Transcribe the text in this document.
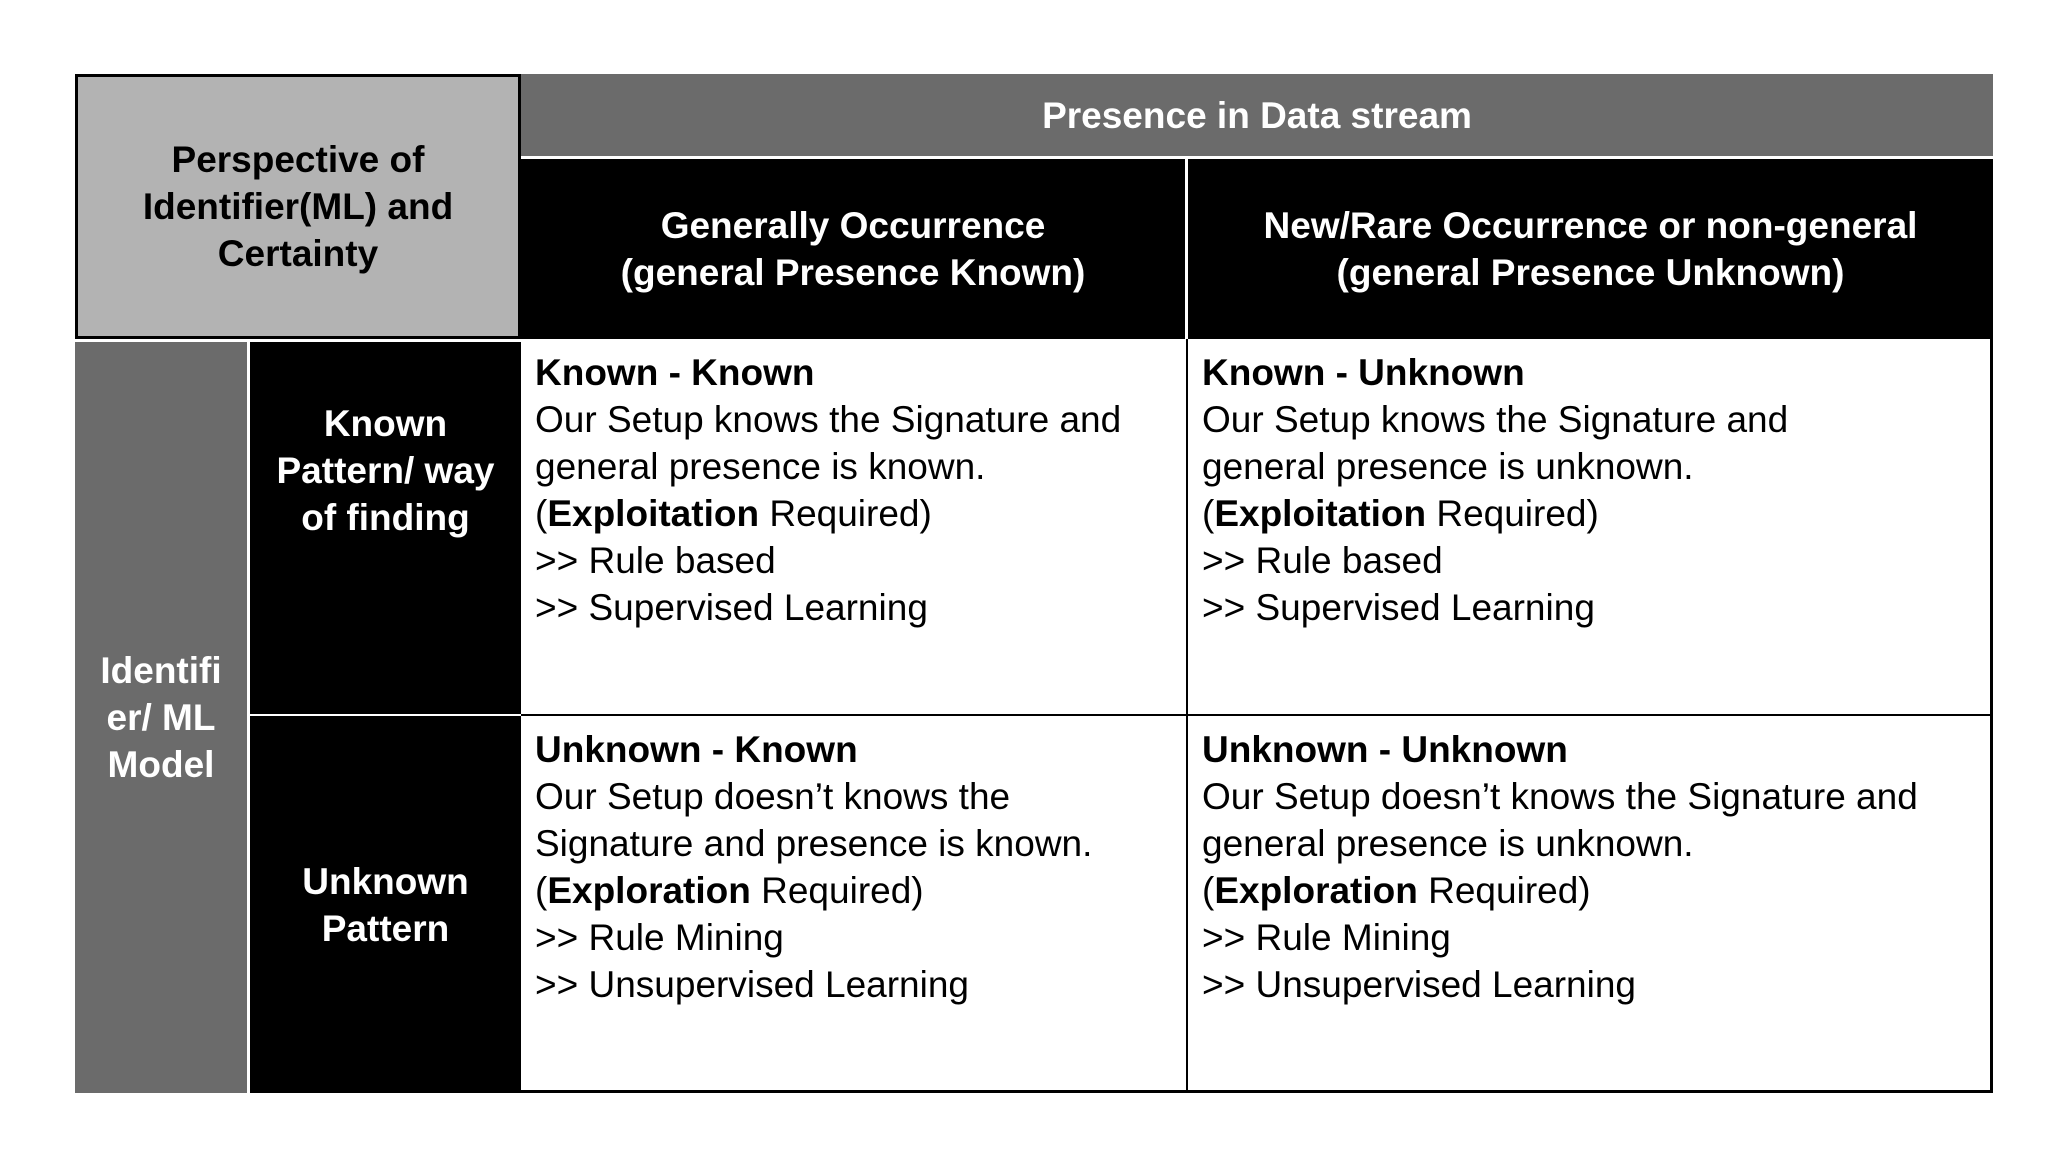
Perspective of
Identifier(ML) and
Certainty
Presence in Data stream
Generally Occurrence
(general Presence Known)
New/Rare Occurrence or non-general
(general Presence Unknown)
Identifi
er/ ML
Model
Known
Pattern/ way
of finding
Unknown
Pattern
Known - Known
Our Setup knows the Signature and
general presence is known.
(Exploitation Required)
>> Rule based
>> Supervised Learning
Known - Unknown
Our Setup knows the Signature and
general presence is unknown.
(Exploitation Required)
>> Rule based
>> Supervised Learning
Unknown - Known
Our Setup doesn’t knows the
Signature and presence is known.
(Exploration Required)
>> Rule Mining
>> Unsupervised Learning
Unknown - Unknown
Our Setup doesn’t knows the Signature and
general presence is unknown.
(Exploration Required)
>> Rule Mining
>> Unsupervised Learning
